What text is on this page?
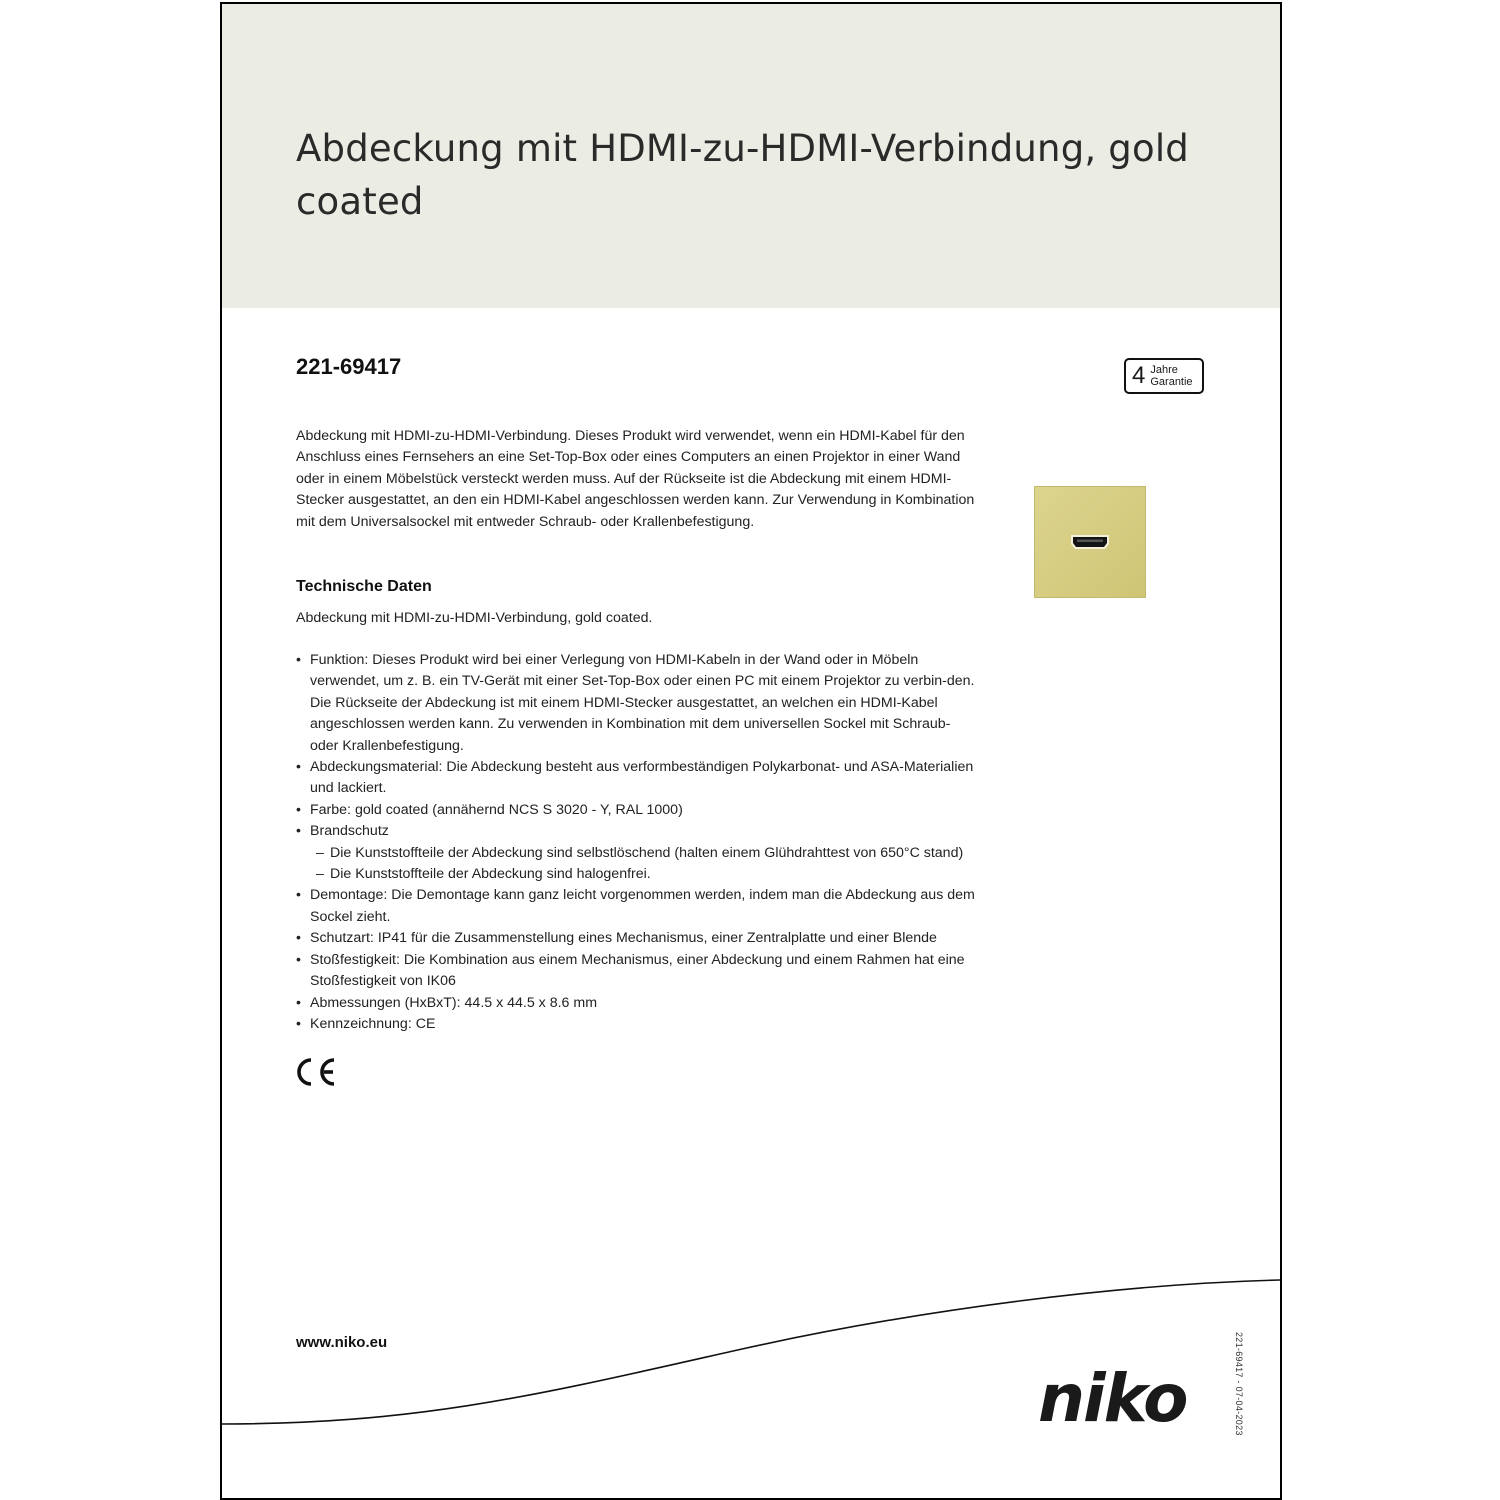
Abdeckung mit HDMI-zu-HDMI-Verbindung, gold coated
221-69417	4 Jahre
Garantie

Abdeckung mit HDMI-zu-HDMI-Verbindung. Dieses Produkt wird verwendet, wenn ein HDMI-Kabel für den Anschluss eines Fernsehers an eine Set-Top-Box oder eines Computers an einen Projektor in einer Wand oder in einem Möbelstück versteckt werden muss. Auf der Rückseite ist die Abdeckung mit einem HDMI-Stecker ausgestattet, an den ein HDMI-Kabel angeschlossen werden kann. Zur Verwendung in Kombination mit dem Universalsockel mit entweder Schraub- oder Krallenbefestigung.

Technische Daten

Abdeckung mit HDMI-zu-HDMI-Verbindung, gold coated.

• Funktion: Dieses Produkt wird bei einer Verlegung von HDMI-Kabeln in der Wand oder in Möbeln verwendet, um z. B. ein TV-Gerät mit einer Set-Top-Box oder einen PC mit einem Projektor zu verbin-den. Die Rückseite der Abdeckung ist mit einem HDMI-Stecker ausgestattet, an welchen ein HDMI-Kabel angeschlossen werden kann. Zu verwenden in Kombination mit dem universellen Sockel mit Schraub- oder Krallenbefestigung.
• Abdeckungsmaterial: Die Abdeckung besteht aus verformbeständigen Polykarbonat- und ASA-Materialien und lackiert.
• Farbe: gold coated (annähernd NCS S 3020 - Y, RAL 1000)
• Brandschutz
– Die Kunststoffteile der Abdeckung sind selbstlöschend (halten einem Glühdrahttest von 650°C stand)
– Die Kunststoffteile der Abdeckung sind halogenfrei.
• Demontage: Die Demontage kann ganz leicht vorgenommen werden, indem man die Abdeckung aus dem Sockel zieht.
• Schutzart: IP41 für die Zusammenstellung eines Mechanismus, einer Zentralplatte und einer Blende
• Stoßfestigkeit: Die Kombination aus einem Mechanismus, einer Abdeckung und einem Rahmen hat eine Stoßfestigkeit von IK06
• Abmessungen (HxBxT): 44.5 x 44.5 x 8.6 mm
• Kennzeichnung: CE
www.niko.eu
niko	221-69417 - 07-04-2023
